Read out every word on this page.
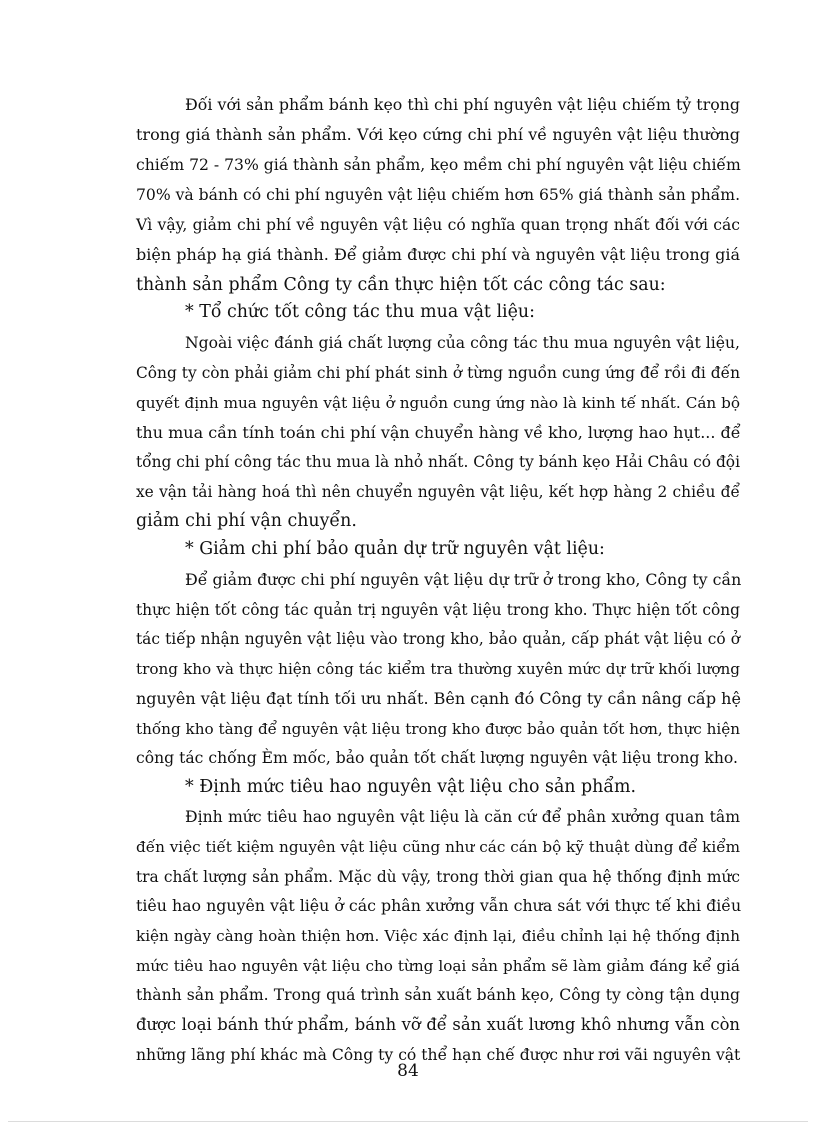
Đối với sản phẩm bánh kẹo thì chi phí nguyên vật liệu chiếm tỷ trọng
trong giá thành sản phẩm. Với kẹo cứng chi phí về nguyên vật liệu thường
chiếm 72 - 73% giá thành sản phẩm, kẹo mềm chi phí nguyên vật liệu chiếm
70% và bánh có chi phí nguyên vật liệu chiếm hơn 65% giá thành sản phẩm.
Vì vậy, giảm chi phí về nguyên vật liệu có nghĩa quan trọng nhất đối với các
biện pháp hạ giá thành. Để giảm được chi phí và nguyên vật liệu trong giá
thành sản phẩm Công ty cần thực hiện tốt các công tác sau:
* Tổ chức tốt công tác thu mua vật liệu:
Ngoài việc đánh giá chất lượng của công tác thu mua nguyên vật liệu,
Công ty còn phải giảm chi phí phát sinh ở từng nguồn cung ứng để rồi đi đến
quyết định mua nguyên vật liệu ở nguồn cung ứng nào là kinh tế nhất. Cán bộ
thu mua cần tính toán chi phí vận chuyển hàng về kho, lượng hao hụt... để
tổng chi phí công tác thu mua là nhỏ nhất. Công ty bánh kẹo Hải Châu có đội
xe vận tải hàng hoá thì nên chuyển nguyên vật liệu, kết hợp hàng 2 chiều để
giảm chi phí vận chuyển.
* Giảm chi phí bảo quản dự trữ nguyên vật liệu:
Để giảm được chi phí nguyên vật liệu dự trữ ở trong kho, Công ty cần
thực hiện tốt công tác quản trị nguyên vật liệu trong kho. Thực hiện tốt công
tác tiếp nhận nguyên vật liệu vào trong kho, bảo quản, cấp phát vật liệu có ở
trong kho và thực hiện công tác kiểm tra thường xuyên mức dự trữ khối lượng
nguyên vật liệu đạt tính tối ưu nhất. Bên cạnh đó Công ty cần nâng cấp hệ
thống kho tàng để nguyên vật liệu trong kho được bảo quản tốt hơn, thực hiện
công tác chống Èm mốc, bảo quản tốt chất lượng nguyên vật liệu trong kho.
* Định mức tiêu hao nguyên vật liệu cho sản phẩm.
Định mức tiêu hao nguyên vật liệu là căn cứ để phân xưởng quan tâm
đến việc tiết kiệm nguyên vật liệu cũng như các cán bộ kỹ thuật dùng để kiểm
tra chất lượng sản phẩm. Mặc dù vậy, trong thời gian qua hệ thống định mức
tiêu hao nguyên vật liệu ở các phân xưởng vẫn chưa sát với thực tế khi điều
kiện ngày càng hoàn thiện hơn. Việc xác định lại, điều chỉnh lại hệ thống định
mức tiêu hao nguyên vật liệu cho từng loại sản phẩm sẽ làm giảm đáng kể giá
thành sản phẩm. Trong quá trình sản xuất bánh kẹo, Công ty còng tận dụng
được loại bánh thứ phẩm, bánh vỡ để sản xuất lương khô nhưng vẫn còn
những lãng phí khác mà Công ty có thể hạn chế được như rơi vãi nguyên vật
84
